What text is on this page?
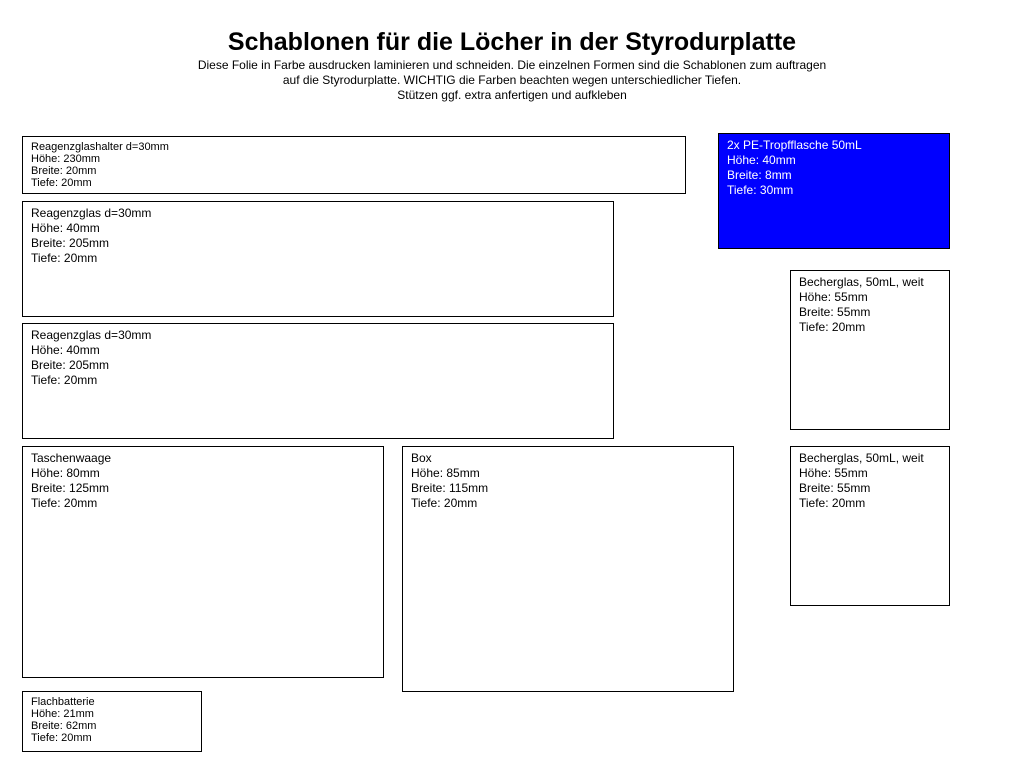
Schablonen für die Löcher in der Styrodurplatte
Diese Folie in Farbe ausdrucken laminieren und schneiden. Die einzelnen Formen sind die Schablonen zum auftragen
auf die Styrodurplatte. WICHTIG die Farben beachten wegen unterschiedlicher Tiefen.
Stützen ggf. extra anfertigen und aufkleben
Reagenzglashalter d=30mm
Höhe: 230mm
Breite: 20mm
Tiefe: 20mm
2x PE-Tropfflasche 50mL
Höhe: 40mm
Breite: 8mm
Tiefe: 30mm
Reagenzglas d=30mm
Höhe: 40mm
Breite: 205mm
Tiefe: 20mm
Becherglas, 50mL, weit
Höhe: 55mm
Breite: 55mm
Tiefe: 20mm
Reagenzglas d=30mm
Höhe: 40mm
Breite: 205mm
Tiefe: 20mm
Taschenwaage
Höhe: 80mm
Breite: 125mm
Tiefe: 20mm
Box
Höhe: 85mm
Breite: 115mm
Tiefe: 20mm
Becherglas, 50mL, weit
Höhe: 55mm
Breite: 55mm
Tiefe: 20mm
Flachbatterie
Höhe: 21mm
Breite: 62mm
Tiefe: 20mm
